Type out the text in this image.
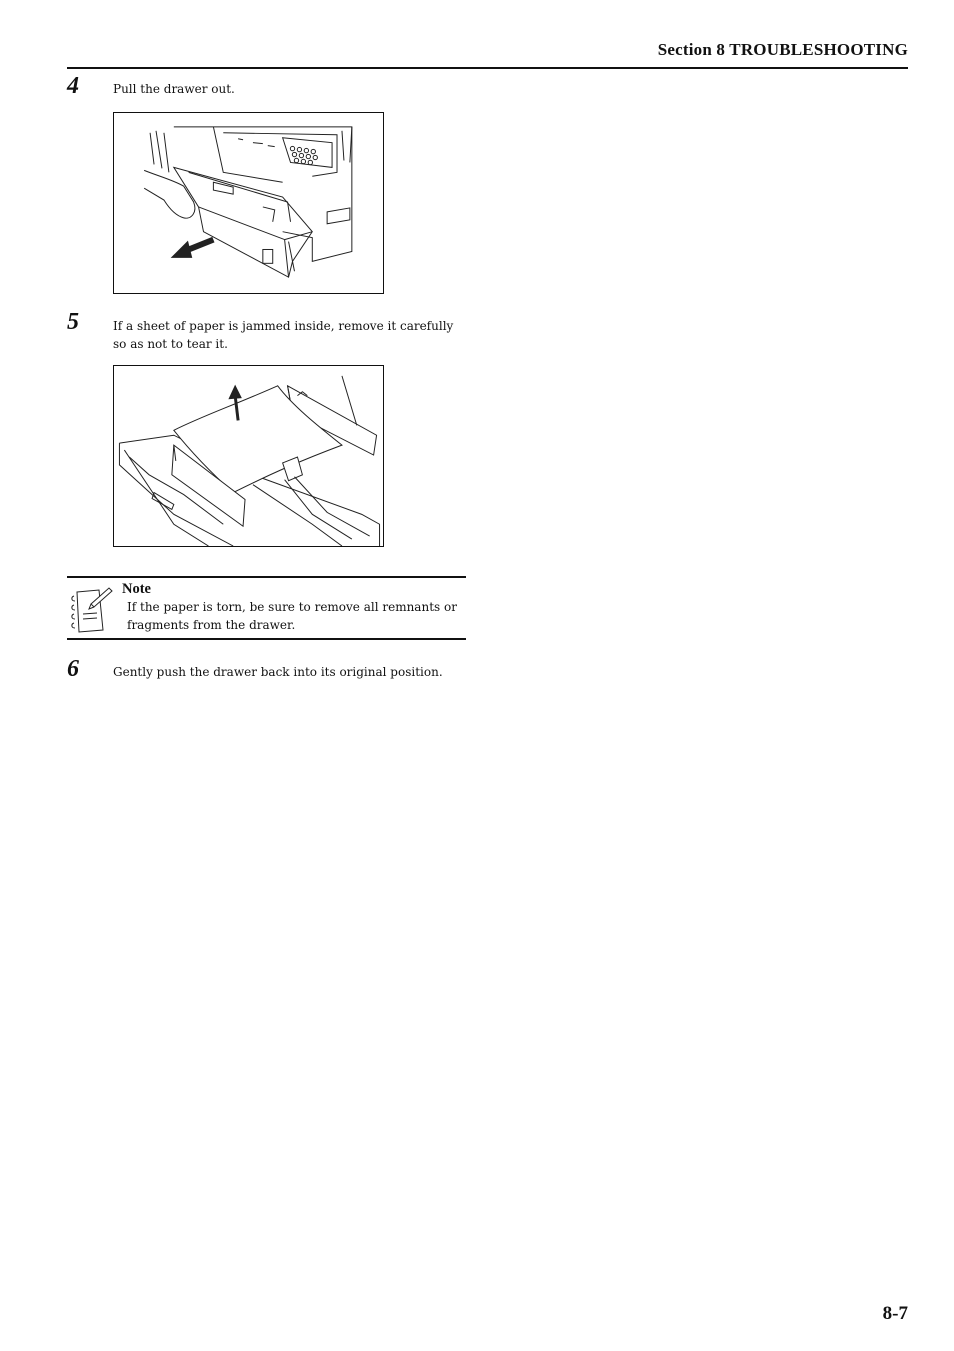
Section 8 TROUBLESHOOTING
4	Pull the drawer out.
5	If a sheet of paper is jammed inside, remove it carefully so as not to tear it.
Note
If the paper is torn, be sure to remove all remnants or fragments from the drawer.
6	Gently push the drawer back into its original position.
8-7
